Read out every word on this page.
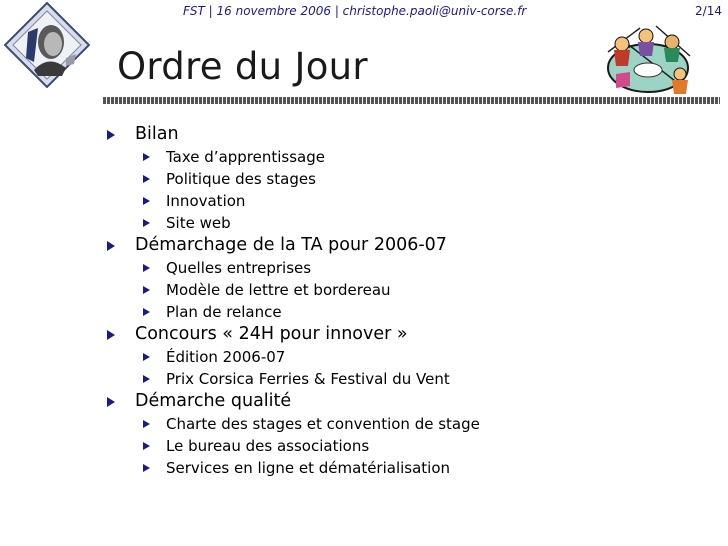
FST | 16 novembre 2006 | christophe.paoli@univ-corse.fr	2/14
Ordre du Jour
Bilan
Taxe d’apprentissage
Politique des stages
Innovation
Site web
Démarchage de la TA pour 2006-07
Quelles entreprises
Modèle de lettre et bordereau
Plan de relance
Concours « 24H pour innover »
Édition 2006-07
Prix Corsica Ferries & Festival du Vent
Démarche qualité
Charte des stages et convention de stage
Le bureau des associations
Services en ligne et dématérialisation
